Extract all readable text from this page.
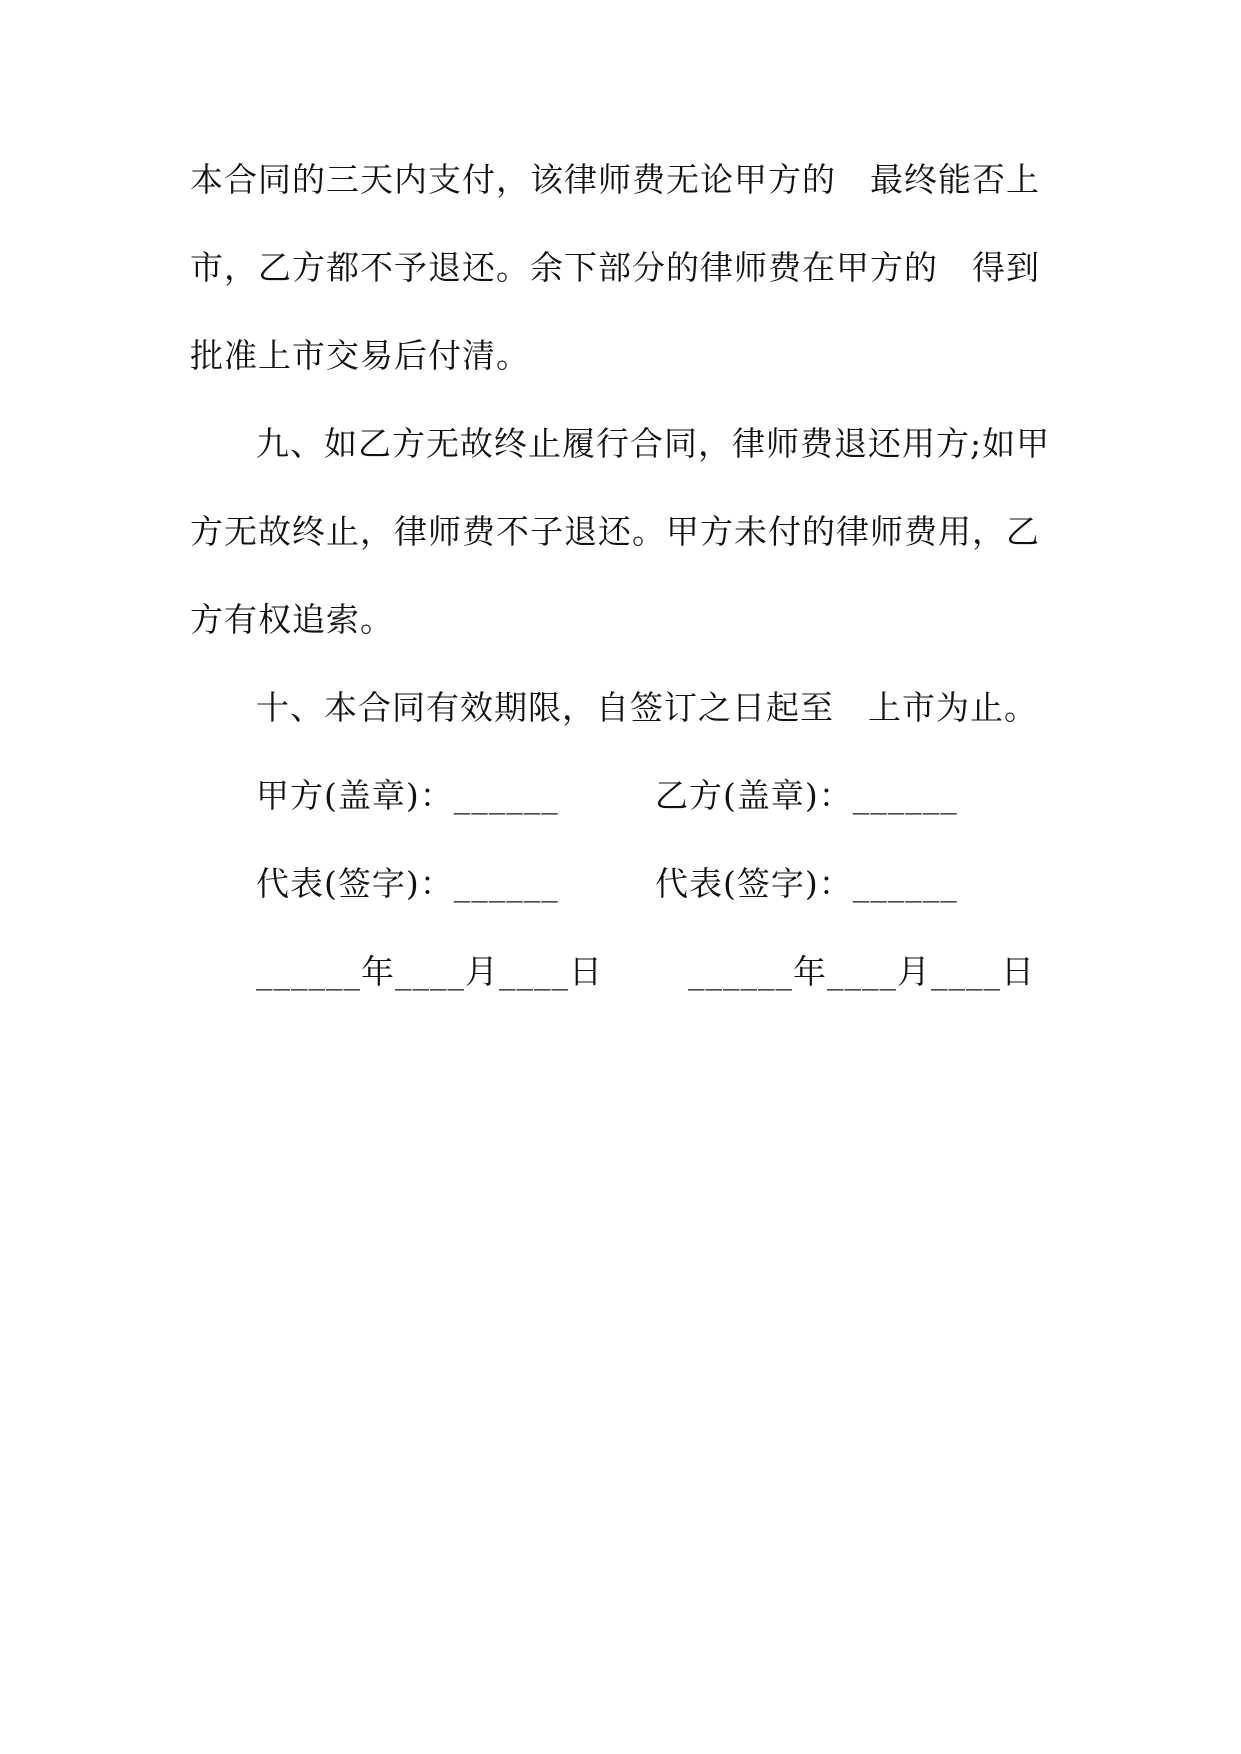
本合同的三天内支付，该律师费无论甲方的　最终能否上
市，乙方都不予退还。余下部分的律师费在甲方的　得到
批准上市交易后付清。
九、如乙方无故终止履行合同，律师费退还用方;如甲
方无故终止，律师费不子退还。甲方未付的律师费用，乙
方有权追索。
十、本合同有效期限，自签订之日起至　上市为止。
甲方(盖章)：______	乙方(盖章)：______
代表(签字)：______	代表(签字)：______
______年____月____日	______年____月____日
